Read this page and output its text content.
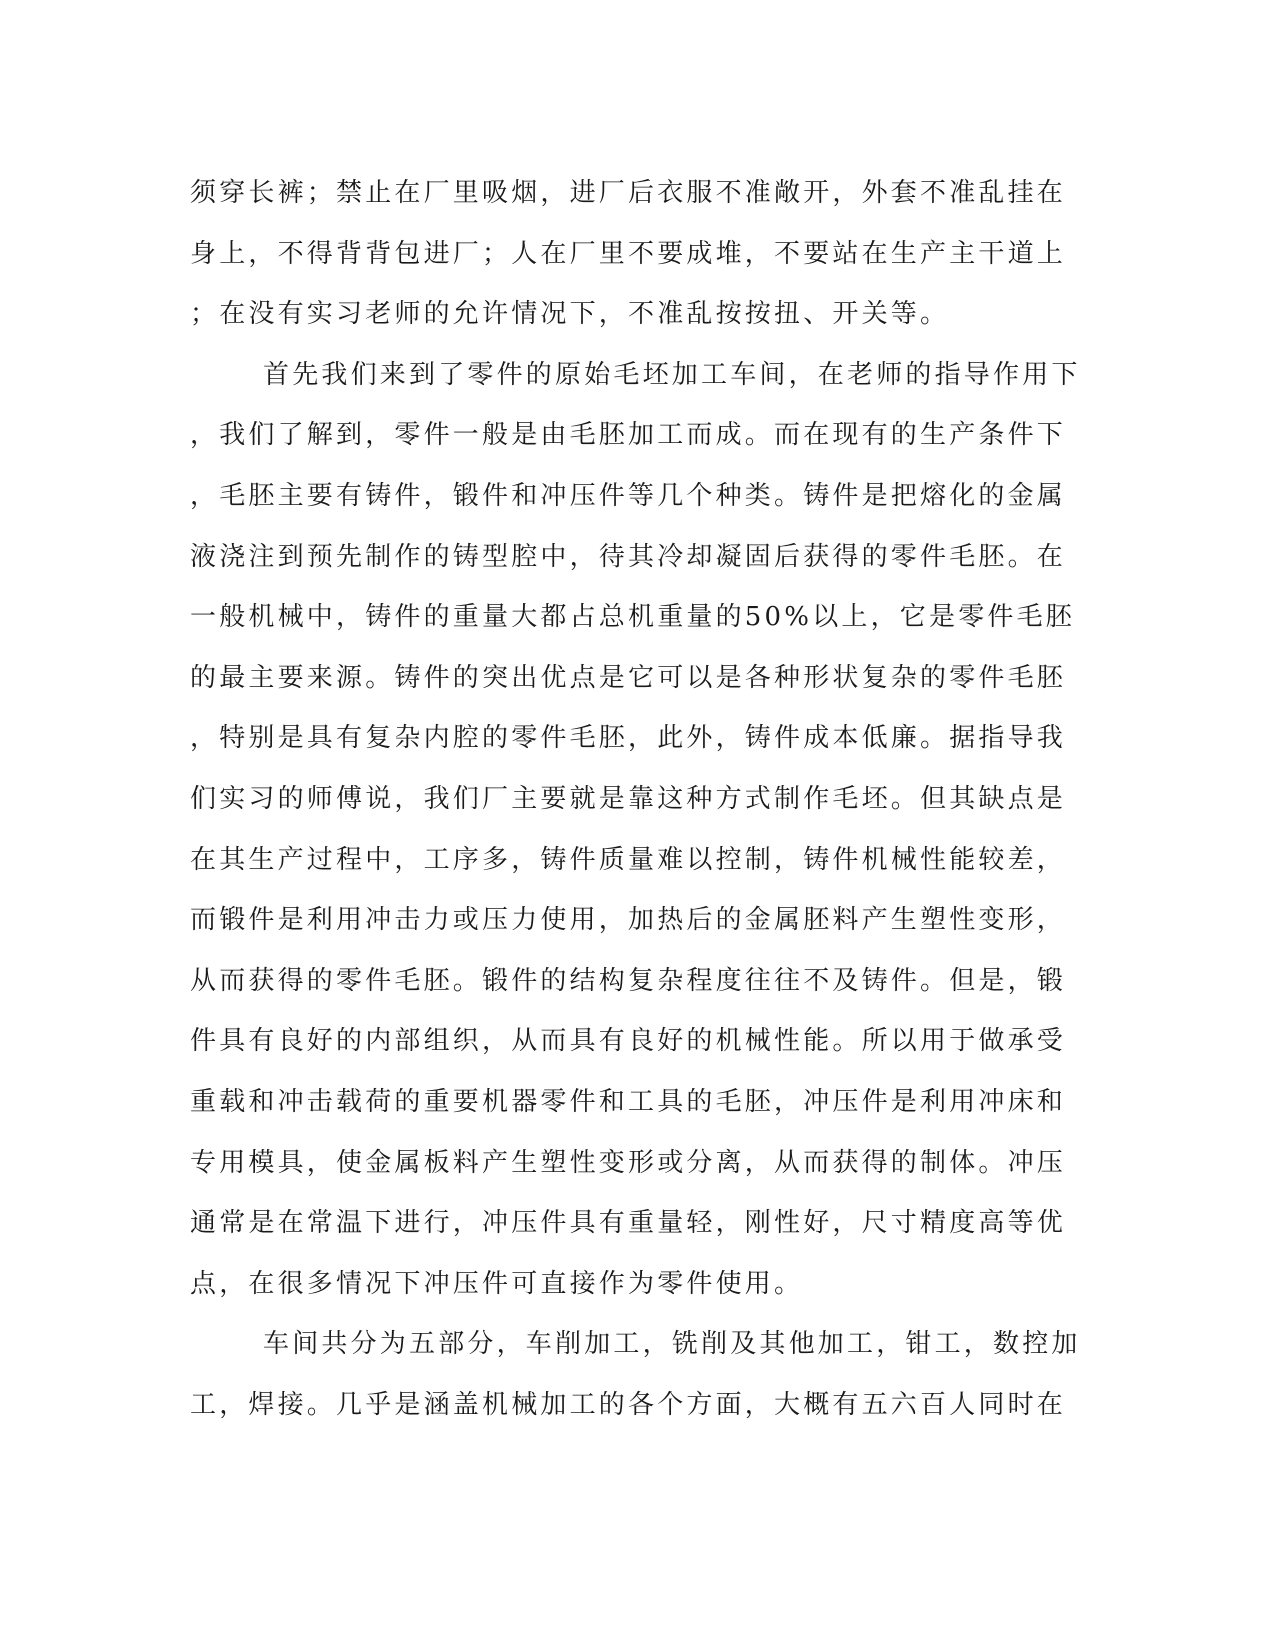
须穿长裤；禁止在厂里吸烟，进厂后衣服不准敞开，外套不准乱挂在
身上，不得背背包进厂；人在厂里不要成堆，不要站在生产主干道上
；在没有实习老师的允许情况下，不准乱按按扭、开关等。
首先我们来到了零件的原始毛坯加工车间，在老师的指导作用下
，我们了解到，零件一般是由毛胚加工而成。而在现有的生产条件下
，毛胚主要有铸件，锻件和冲压件等几个种类。铸件是把熔化的金属
液浇注到预先制作的铸型腔中，待其冷却凝固后获得的零件毛胚。在
一般机械中，铸件的重量大都占总机重量的50%以上，它是零件毛胚
的最主要来源。铸件的突出优点是它可以是各种形状复杂的零件毛胚
，特别是具有复杂内腔的零件毛胚，此外，铸件成本低廉。据指导我
们实习的师傅说，我们厂主要就是靠这种方式制作毛坯。但其缺点是
在其生产过程中，工序多，铸件质量难以控制，铸件机械性能较差，
而锻件是利用冲击力或压力使用，加热后的金属胚料产生塑性变形，
从而获得的零件毛胚。锻件的结构复杂程度往往不及铸件。但是，锻
件具有良好的内部组织，从而具有良好的机械性能。所以用于做承受
重载和冲击载荷的重要机器零件和工具的毛胚，冲压件是利用冲床和
专用模具，使金属板料产生塑性变形或分离，从而获得的制体。冲压
通常是在常温下进行，冲压件具有重量轻，刚性好，尺寸精度高等优
点，在很多情况下冲压件可直接作为零件使用。
车间共分为五部分，车削加工，铣削及其他加工，钳工，数控加
工，焊接。几乎是涵盖机械加工的各个方面，大概有五六百人同时在
